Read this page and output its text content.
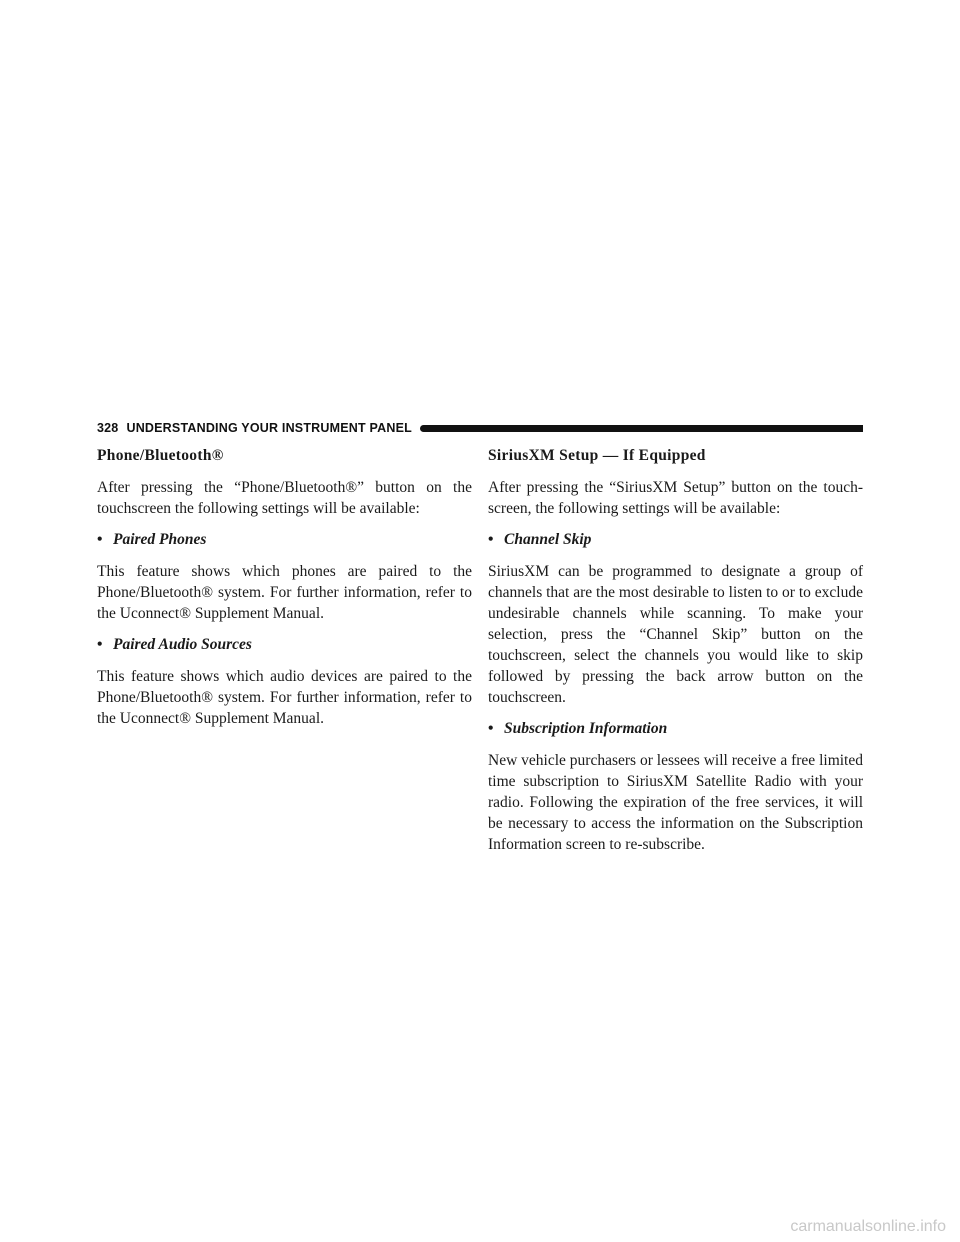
328 UNDERSTANDING YOUR INSTRUMENT PANEL
Phone/Bluetooth®

After pressing the “Phone/Bluetooth®” button on the touchscreen the following settings will be available:

• Paired Phones

This feature shows which phones are paired to the Phone/Bluetooth® system. For further information, refer to the Uconnect® Supplement Manual.

• Paired Audio Sources

This feature shows which audio devices are paired to the Phone/Bluetooth® system. For further information, refer to the Uconnect® Supplement Manual.

SiriusXM Setup — If Equipped

After pressing the “SiriusXM Setup” button on the touch-screen, the following settings will be available:

• Channel Skip

SiriusXM can be programmed to designate a group of channels that are the most desirable to listen to or to exclude undesirable channels while scanning. To make your selection, press the “Channel Skip” button on the touchscreen, select the channels you would like to skip followed by pressing the back arrow button on the touchscreen.

• Subscription Information

New vehicle purchasers or lessees will receive a free limited time subscription to SiriusXM Satellite Radio with your radio. Following the expiration of the free services, it will be necessary to access the information on the Subscription Information screen to re-subscribe.

carmanualsonline.info
